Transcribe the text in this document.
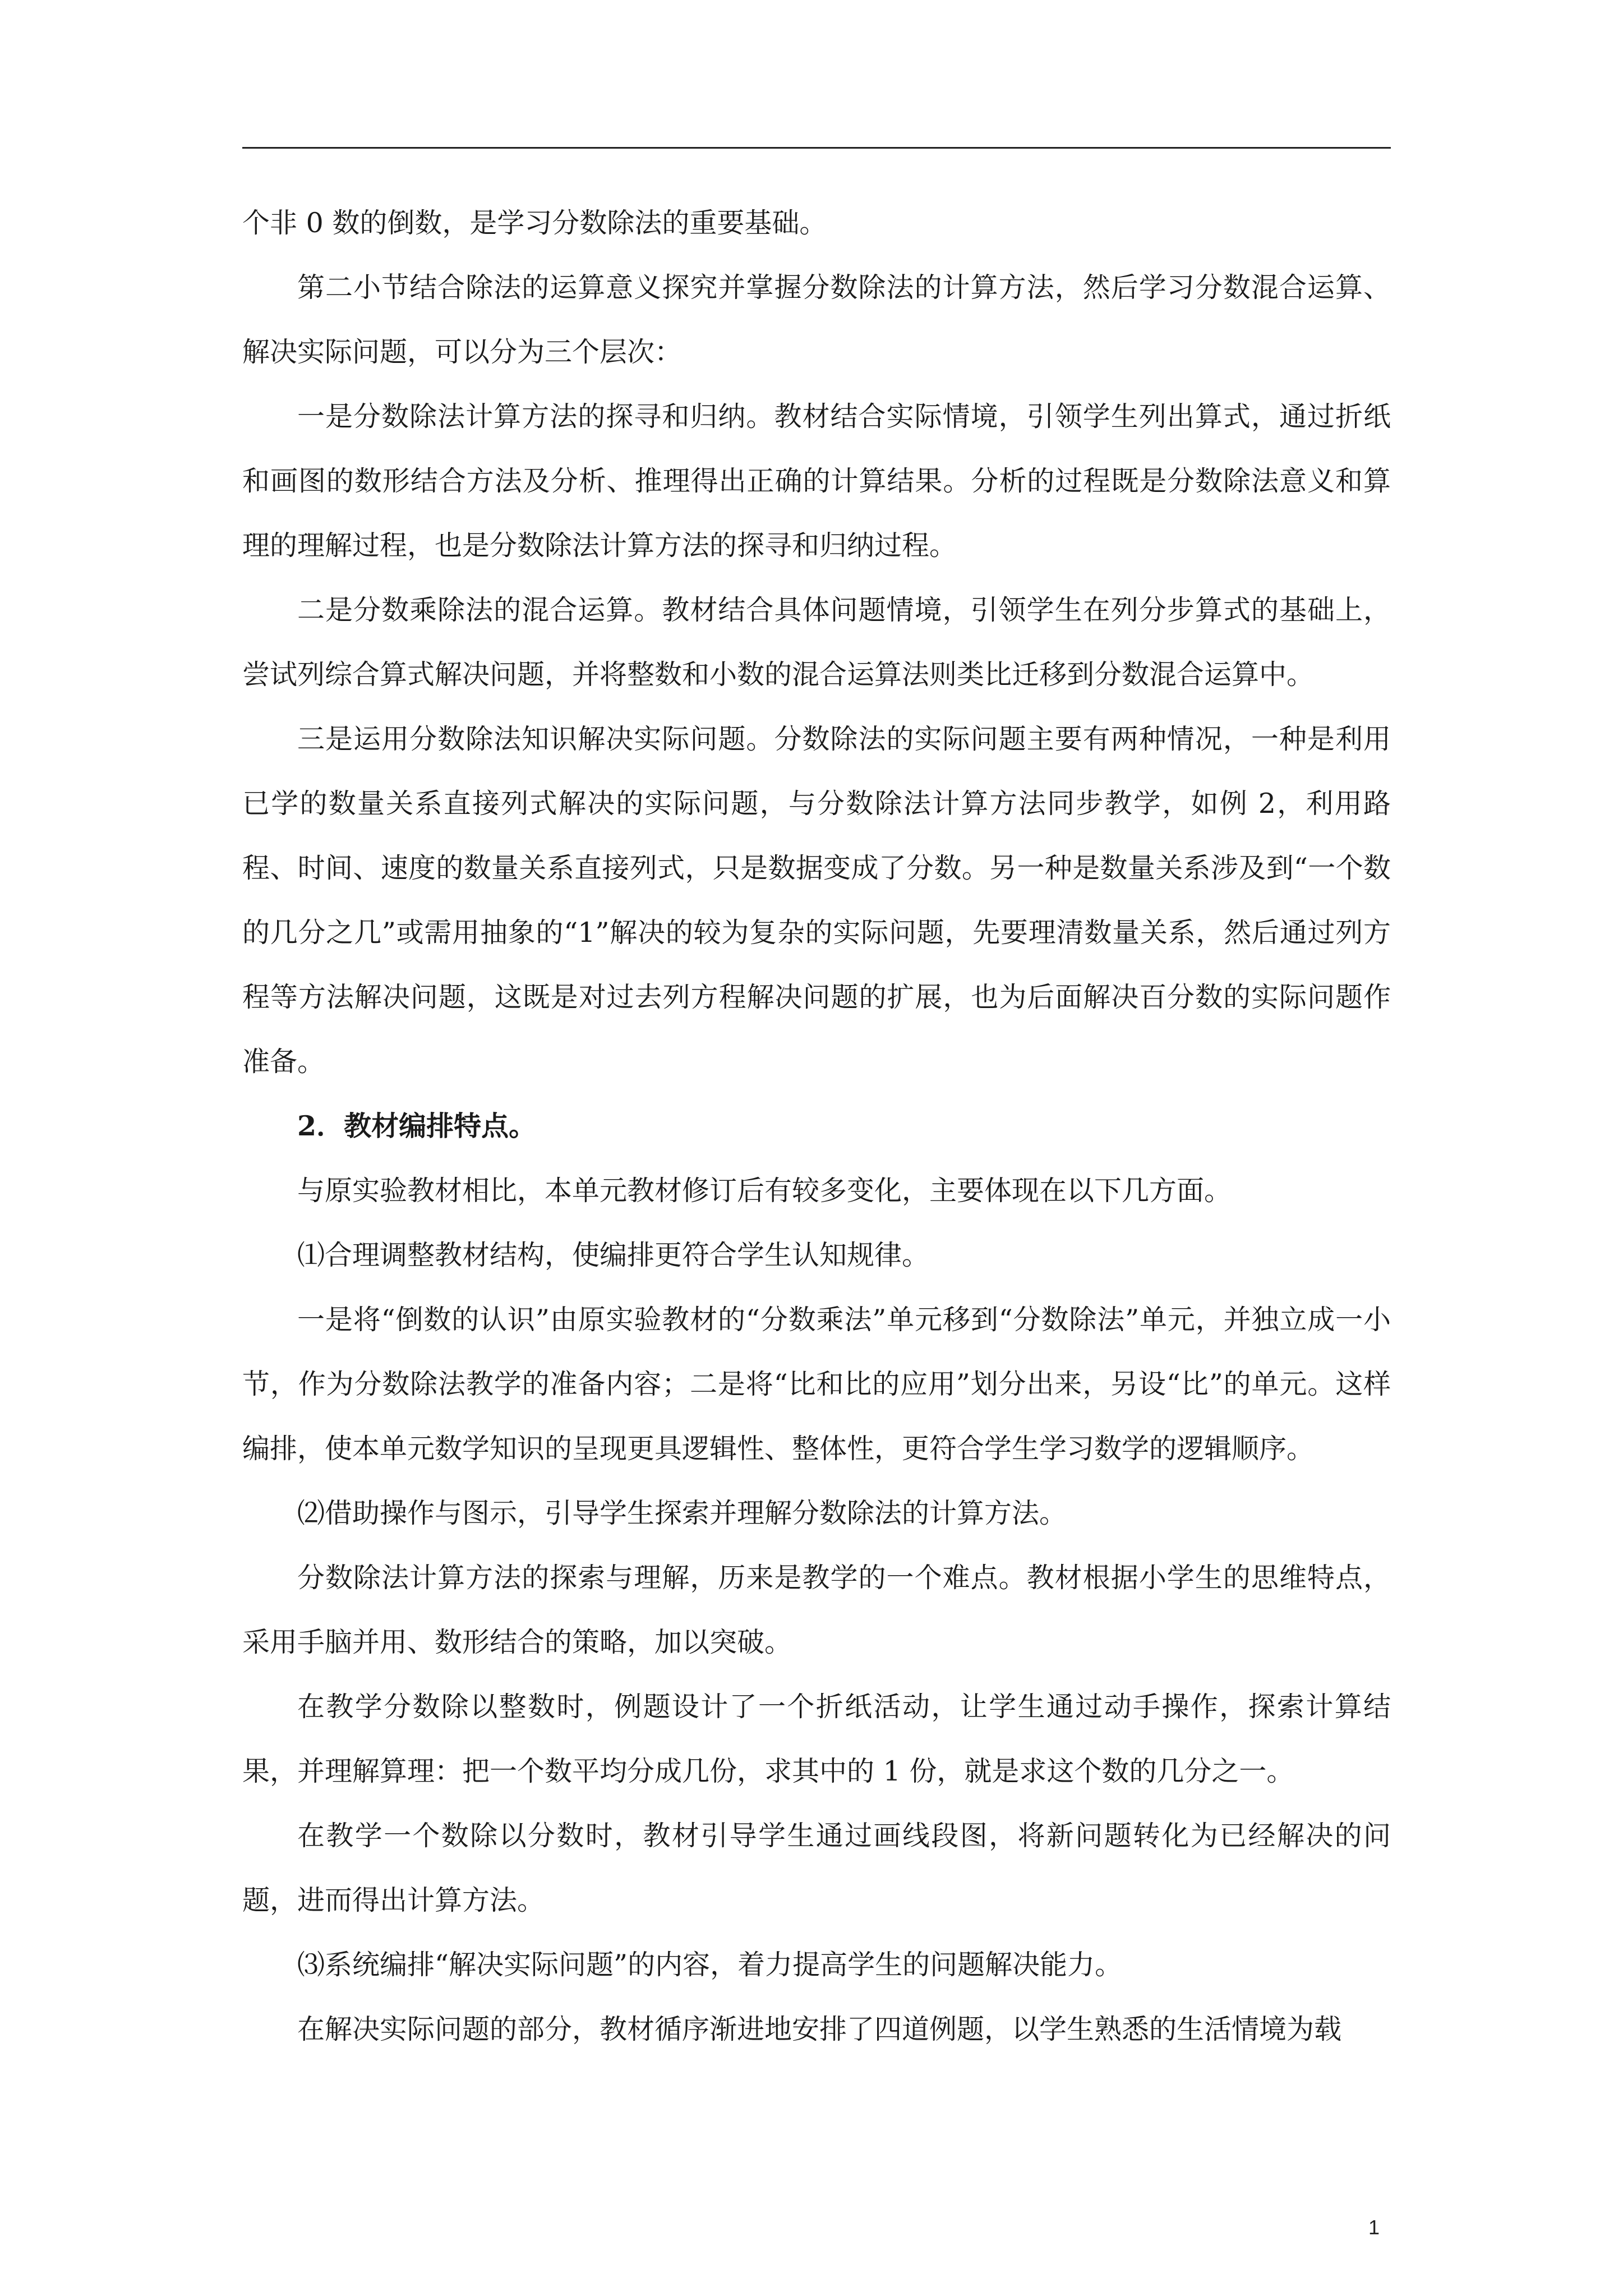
个非 0 数的倒数，是学习分数除法的重要基础。

第二小节结合除法的运算意义探究并掌握分数除法的计算方法，然后学习分数混合运算、解决实际问题，可以分为三个层次：

一是分数除法计算方法的探寻和归纳。教材结合实际情境，引领学生列出算式，通过折纸和画图的数形结合方法及分析、推理得出正确的计算结果。分析的过程既是分数除法意义和算理的理解过程，也是分数除法计算方法的探寻和归纳过程。

二是分数乘除法的混合运算。教材结合具体问题情境，引领学生在列分步算式的基础上，尝试列综合算式解决问题，并将整数和小数的混合运算法则类比迁移到分数混合运算中。

三是运用分数除法知识解决实际问题。分数除法的实际问题主要有两种情况，一种是利用已学的数量关系直接列式解决的实际问题，与分数除法计算方法同步教学，如例 2，利用路程、时间、速度的数量关系直接列式，只是数据变成了分数。另一种是数量关系涉及到“一个数的几分之几”或需用抽象的“1”解决的较为复杂的实际问题，先要理清数量关系，然后通过列方程等方法解决问题，这既是对过去列方程解决问题的扩展，也为后面解决百分数的实际问题作准备。

2．教材编排特点。

与原实验教材相比，本单元教材修订后有较多变化，主要体现在以下几方面。

⑴合理调整教材结构，使编排更符合学生认知规律。

一是将“倒数的认识”由原实验教材的“分数乘法”单元移到“分数除法”单元，并独立成一小节，作为分数除法教学的准备内容；二是将“比和比的应用”划分出来，另设“比”的单元。这样编排，使本单元数学知识的呈现更具逻辑性、整体性，更符合学生学习数学的逻辑顺序。

⑵借助操作与图示，引导学生探索并理解分数除法的计算方法。

分数除法计算方法的探索与理解，历来是教学的一个难点。教材根据小学生的思维特点，采用手脑并用、数形结合的策略，加以突破。

在教学分数除以整数时，例题设计了一个折纸活动，让学生通过动手操作，探索计算结果，并理解算理：把一个数平均分成几份，求其中的 1 份，就是求这个数的几分之一。

在教学一个数除以分数时，教材引导学生通过画线段图，将新问题转化为已经解决的问题，进而得出计算方法。

⑶系统编排“解决实际问题”的内容，着力提高学生的问题解决能力。

在解决实际问题的部分，教材循序渐进地安排了四道例题，以学生熟悉的生活情境为载

1
